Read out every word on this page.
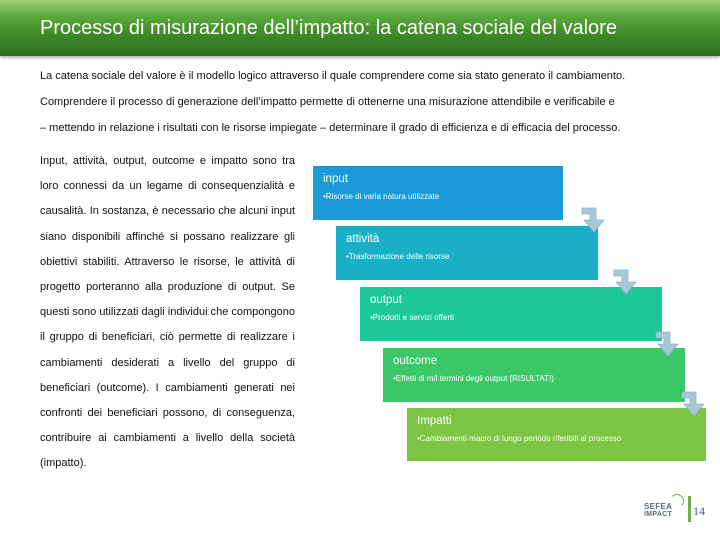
Processo di misurazione dell’impatto: la catena sociale del valore
La catena sociale del valore è il modello logico attraverso il quale comprendere come sia stato generato il cambiamento.
Comprendere il processo di generazione dell’impatto permette di ottenerne una misurazione attendibile e verificabile e
– mettendo in relazione i risultati con le risorse impiegate – determinare il grado di efficienza e di efficacia del processo.
Input, attività, output, outcome e impatto sono tra loro connessi da un legame di consequenzialità e causalità. In sostanza, è necessario che alcuni input siano disponibili affinché si possano realizzare gli obiettivi stabiliti. Attraverso le risorse, le attività di progetto porteranno alla produzione di output. Se questi sono utilizzati dagli individui che compongono il gruppo di beneficiari, ciò permette di realizzare i cambiamenti desiderati a livello del gruppo di beneficiari (outcome). I cambiamenti generati nei confronti dei beneficiari possono, di conseguenza, contribuire ai cambiamenti a livello della società (impatto).
input
•Risorse di varia natura utilizzate
attività
•Trasformazione delle risorse
output
•Prodotti e servizi offerti
outcome
•Effetti di m/l termini degli output (RISULTATI)
Impatti
•Cambiamenti macro di lungo periodo riferibili al processo
SEFEA
IMPACT 14
